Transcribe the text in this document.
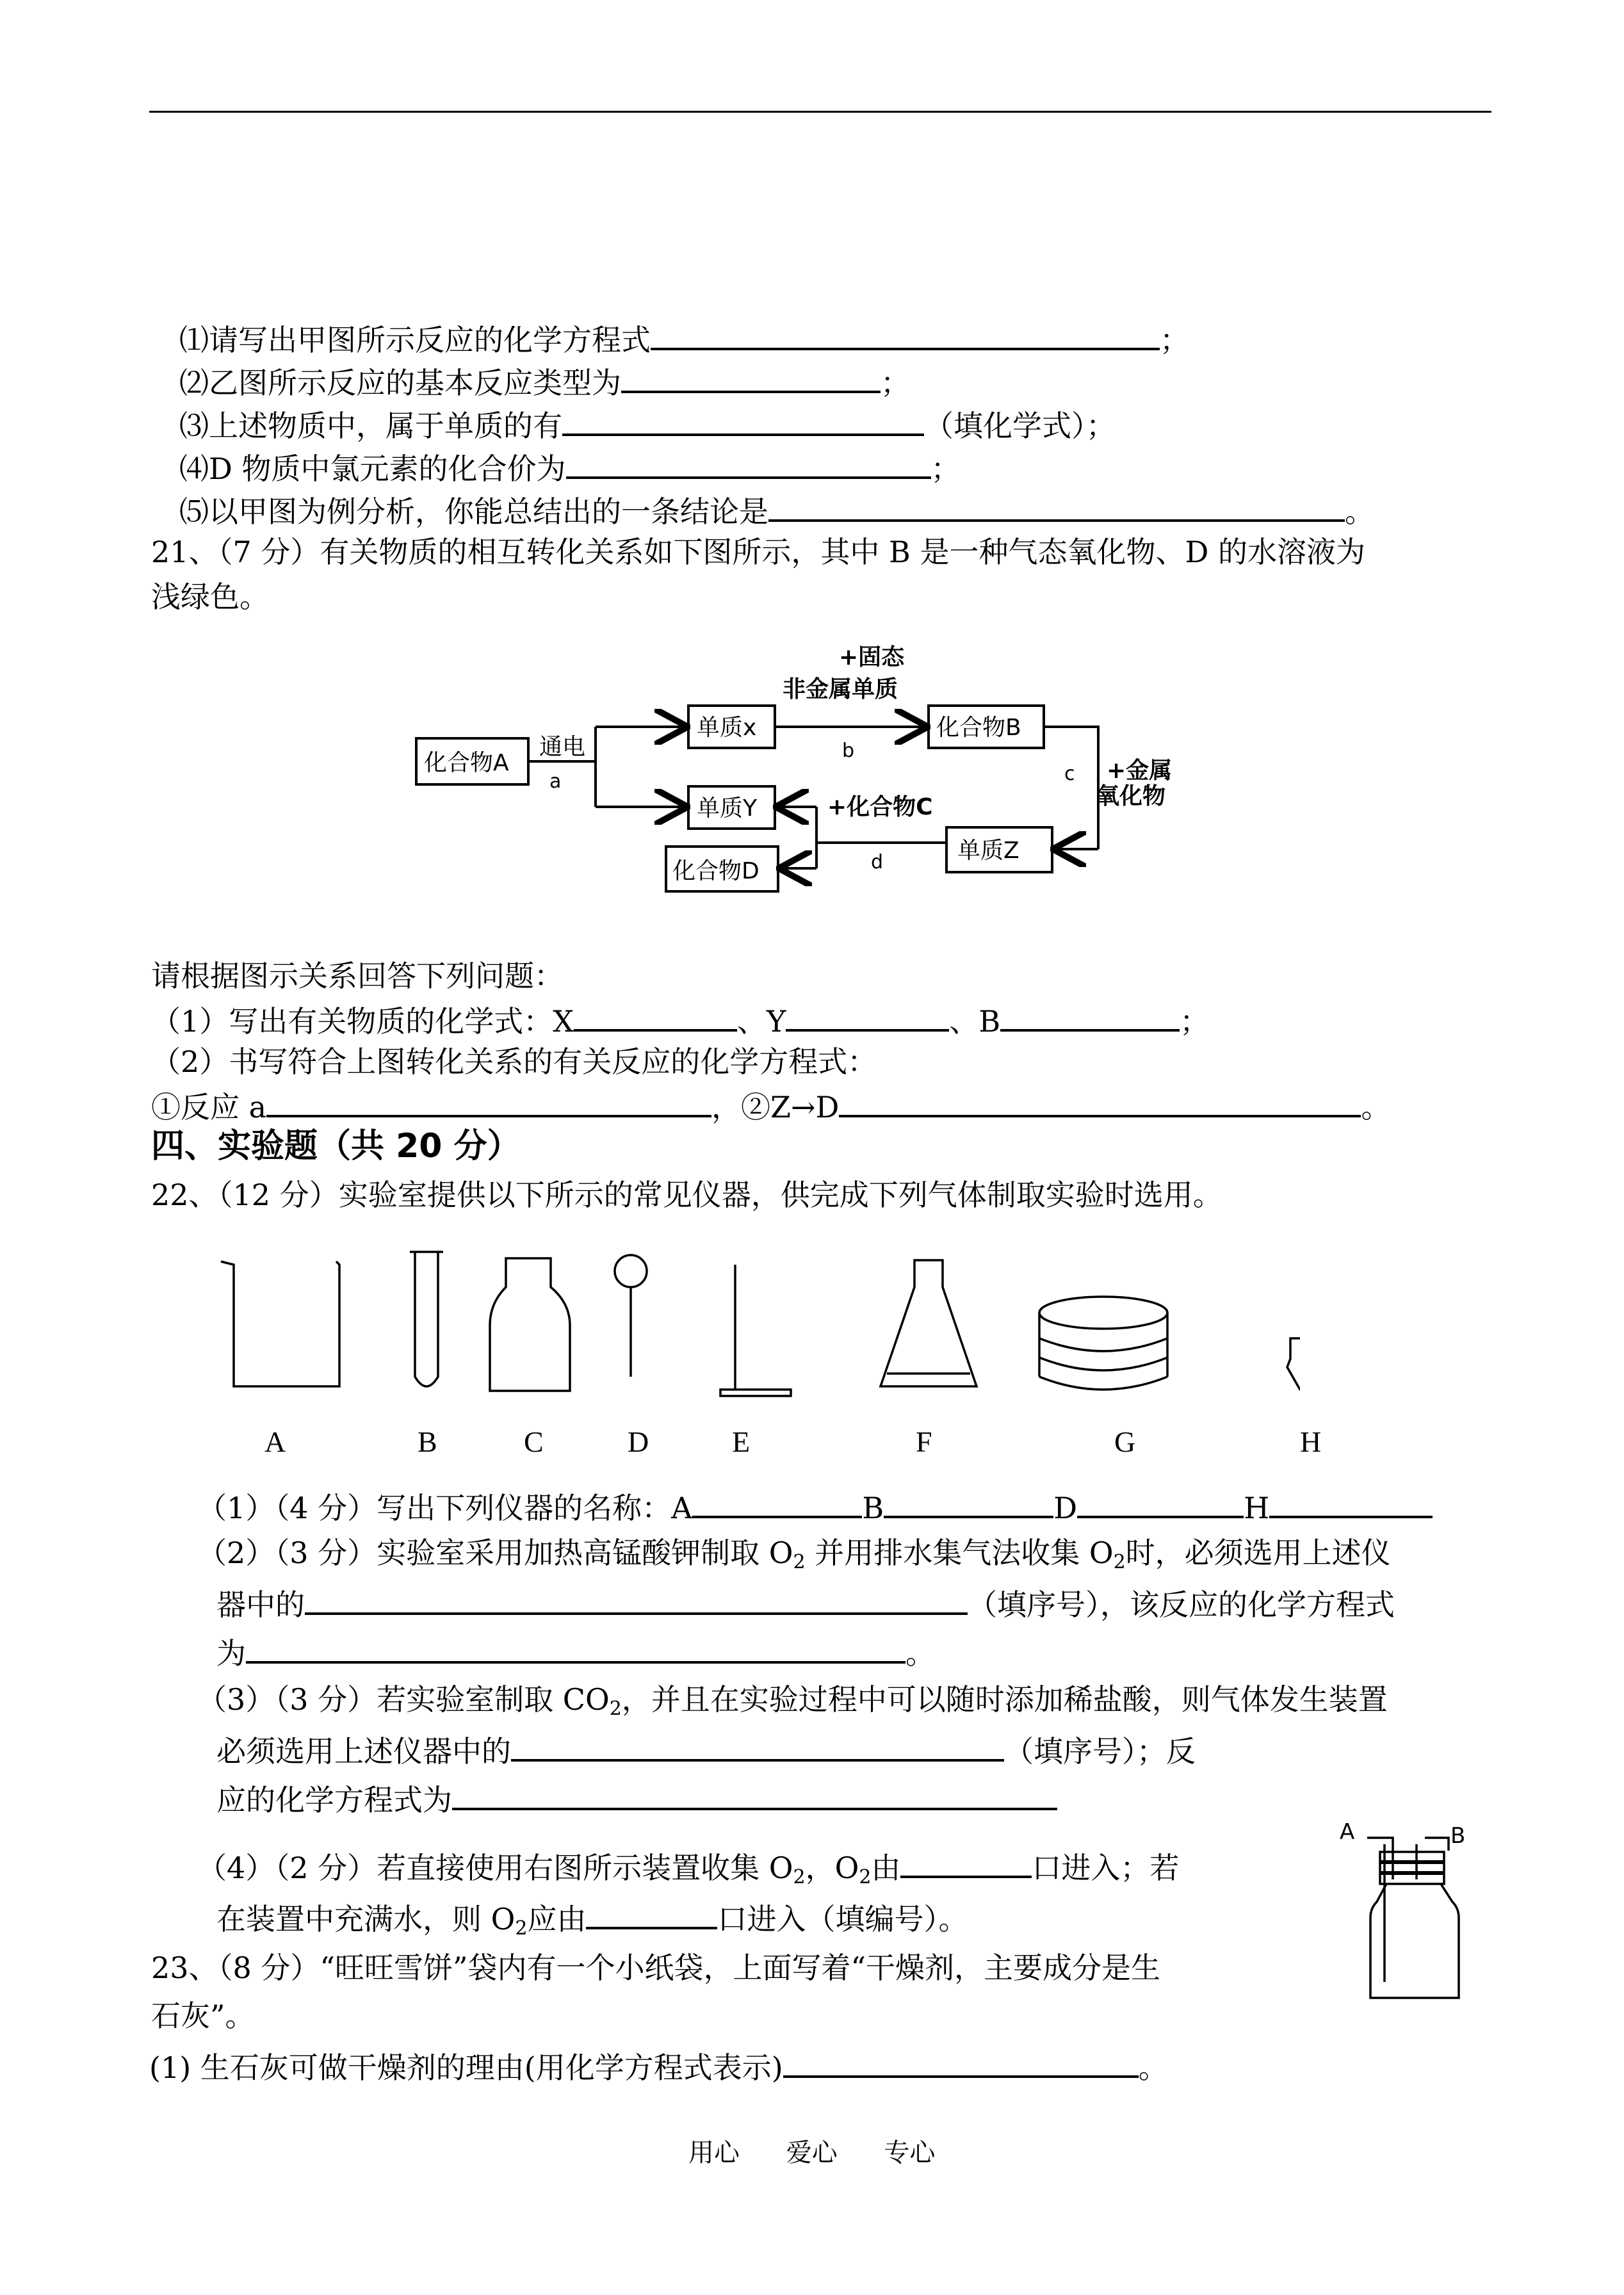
⑴请写出甲图所示反应的化学方程式	；
⑵乙图所示反应的基本反应类型为	；
⑶上述物质中，属于单质的有	（填化学式）；
⑷D 物质中氯元素的化合价为	；
⑸以甲图为例分析，你能总结出的一条结论是	。
21、（7 分）有关物质的相互转化关系如下图所示，其中 B 是一种气态氧化物、D 的水溶液为
浅绿色。
化合物A
通电
a
单质x
单质Y
化合物B
化合物D
单质Z
+固态
非金属单质
b
c +金属
氧化物
+化合物C
d
请根据图示关系回答下列问题：
（1）写出有关物质的化学式：X	、Y	、B	；
（2）书写符合上图转化关系的有关反应的化学方程式：
①反应 a	，②Z→D	。
四、实验题（共 20 分）
22、（12 分）实验室提供以下所示的常见仪器，供完成下列气体制取实验时选用。
A	B	C	D	E	F	G	H
（1）（4 分）写出下列仪器的名称：A	B	D	H
（2）（3 分）实验室采用加热高锰酸钾制取 $O_2$ 并用排水集气法收集 $O_2$时，必须选用上述仪
器中的	（填序号），该反应的化学方程式
为	。
（3）（3 分）若实验室制取 $CO_2$，并且在实验过程中可以随时添加稀盐酸，则气体发生装置
必须选用上述仪器中的	（填序号）；反
应的化学方程式为
（4）（2 分）若直接使用右图所示装置收集 $O_2$，$O_2$由	口进入；若
在装置中充满水，则 $O_2$应由	口进入（填编号）。
A	B
23、（8 分）“旺旺雪饼”袋内有一个小纸袋，上面写着“干燥剂，主要成分是生
石灰”。
(1) 生石灰可做干燥剂的理由(用化学方程式表示)	。
用心 爱心 专心
